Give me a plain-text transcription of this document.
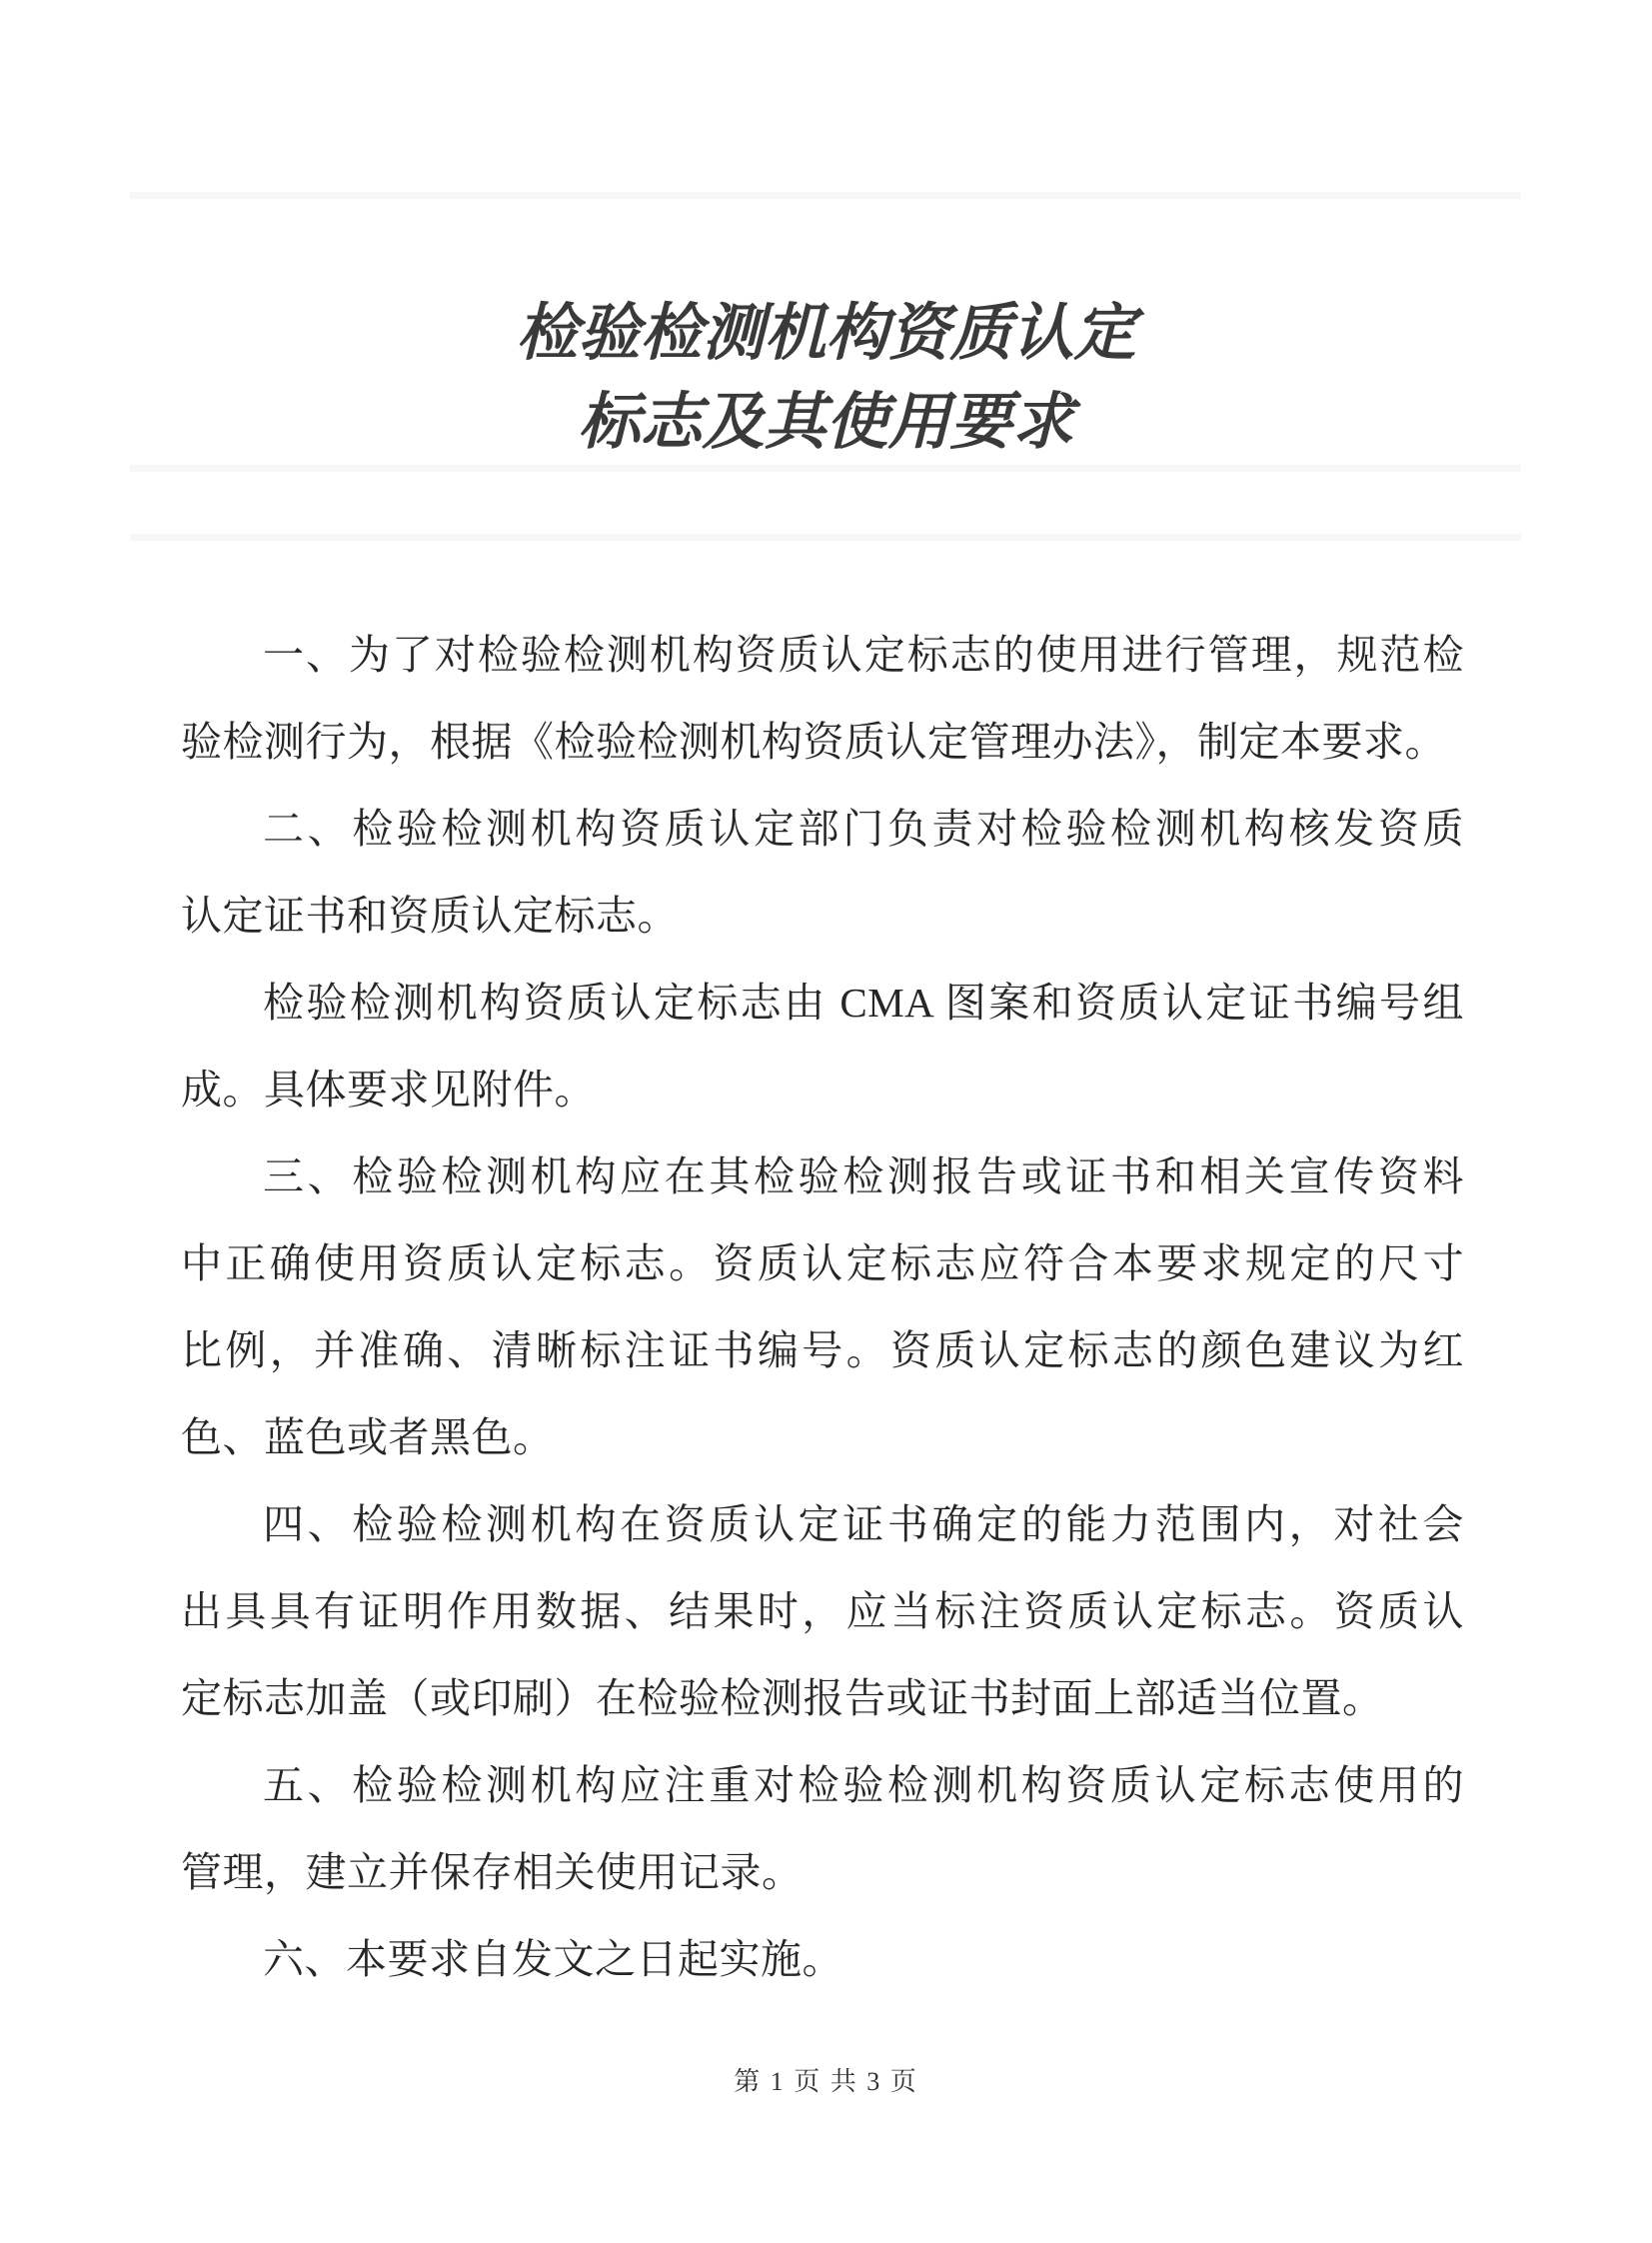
检验检测机构资质认定
标志及其使用要求
一、为了对检验检测机构资质认定标志的使用进行管理，规范检
验检测行为，根据《检验检测机构资质认定管理办法》，制定本要求。
二、检验检测机构资质认定部门负责对检验检测机构核发资质
认定证书和资质认定标志。
检验检测机构资质认定标志由 CMA 图案和资质认定证书编号组
成。具体要求见附件。
三、检验检测机构应在其检验检测报告或证书和相关宣传资料
中正确使用资质认定标志。资质认定标志应符合本要求规定的尺寸
比例，并准确、清晰标注证书编号。资质认定标志的颜色建议为红
色、蓝色或者黑色。
四、检验检测机构在资质认定证书确定的能力范围内，对社会
出具具有证明作用数据、结果时，应当标注资质认定标志。资质认
定标志加盖（或印刷）在检验检测报告或证书封面上部适当位置。
五、检验检测机构应注重对检验检测机构资质认定标志使用的
管理，建立并保存相关使用记录。
六、本要求自发文之日起实施。
第 1 页 共 3 页
